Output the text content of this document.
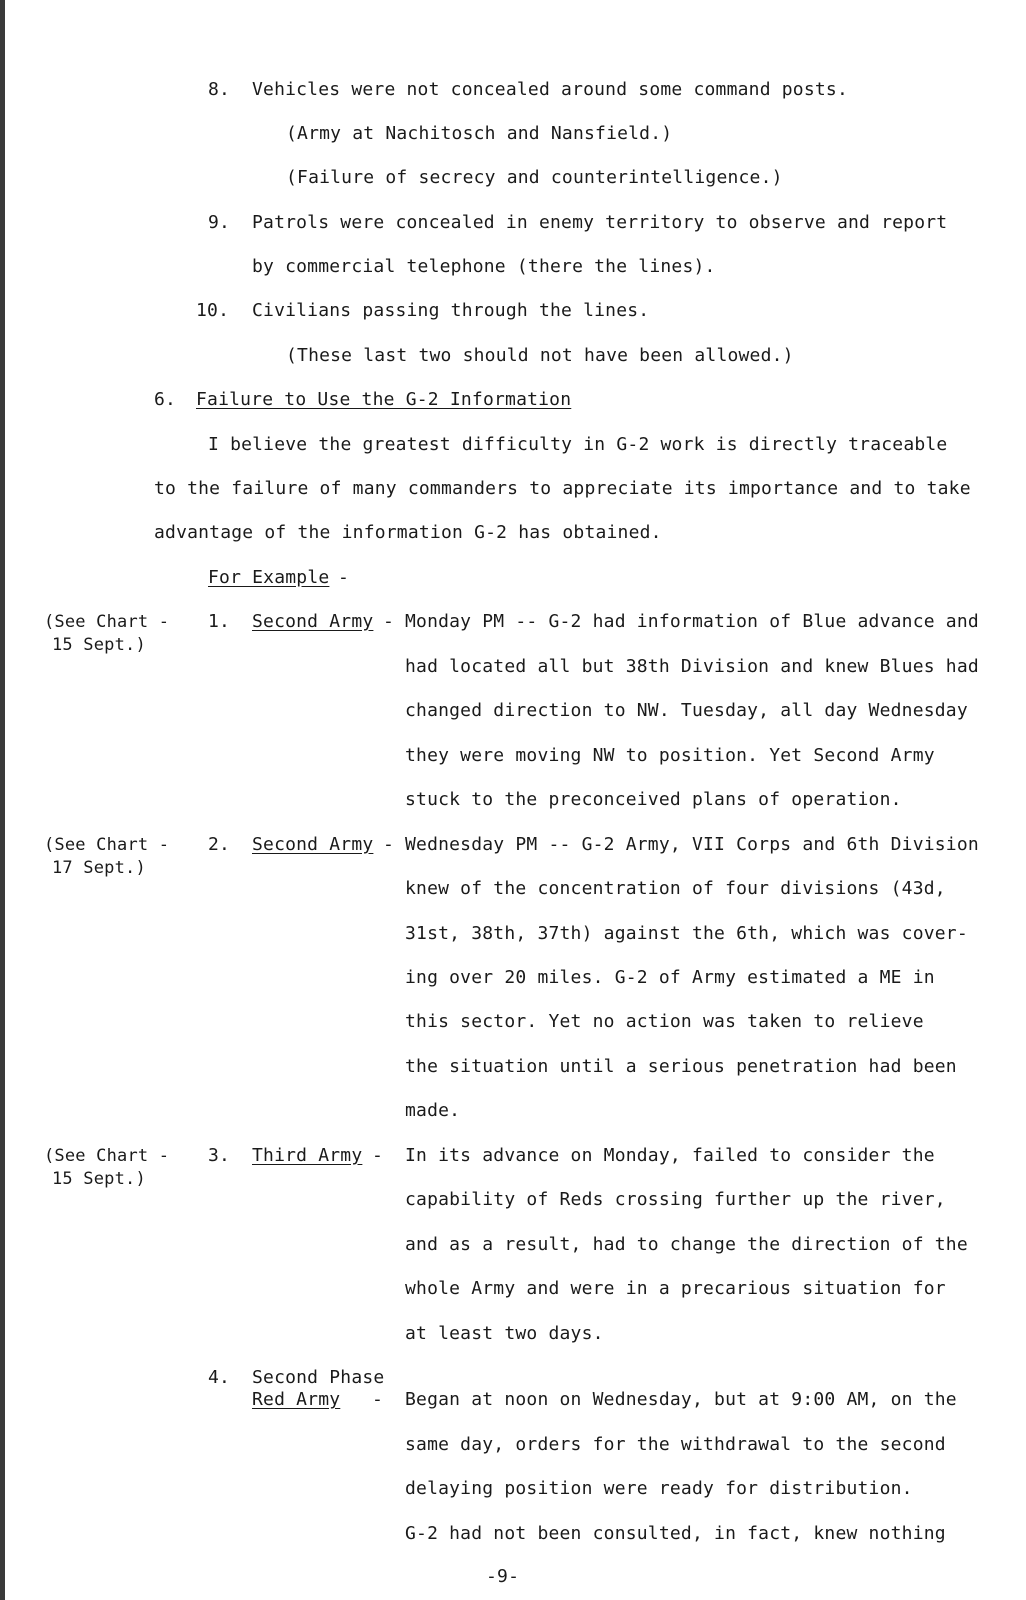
8. Vehicles were not concealed around some command posts.
(Army at Nachitosch and Nansfield.)
(Failure of secrecy and counterintelligence.)
9. Patrols were concealed in enemy territory to observe and report
by commercial telephone (there the lines).
10. Civilians passing through the lines.
(These last two should not have been allowed.)
6. Failure to Use the G-2 Information
I believe the greatest difficulty in G-2 work is directly traceable
to the failure of many commanders to appreciate its importance and to take
advantage of the information G-2 has obtained.
For Example -
(See Chart -
15 Sept.)
1. Second Army - Monday PM -- G-2 had information of Blue advance and
had located all but 38th Division and knew Blues had
changed direction to NW. Tuesday, all day Wednesday
they were moving NW to position. Yet Second Army
stuck to the preconceived plans of operation.
(See Chart -
17 Sept.)
2. Second Army - Wednesday PM -- G-2 Army, VII Corps and 6th Division
knew of the concentration of four divisions (43d,
31st, 38th, 37th) against the 6th, which was cover-
ing over 20 miles. G-2 of Army estimated a ME in
this sector. Yet no action was taken to relieve
the situation until a serious penetration had been
made.
(See Chart -
15 Sept.)
3. Third Army - In its advance on Monday, failed to consider the
capability of Reds crossing further up the river,
and as a result, had to change the direction of the
whole Army and were in a precarious situation for
at least two days.
4. Second Phase
Red Army - Began at noon on Wednesday, but at 9:00 AM, on the
same day, orders for the withdrawal to the second
delaying position were ready for distribution.
G-2 had not been consulted, in fact, knew nothing
-9-
